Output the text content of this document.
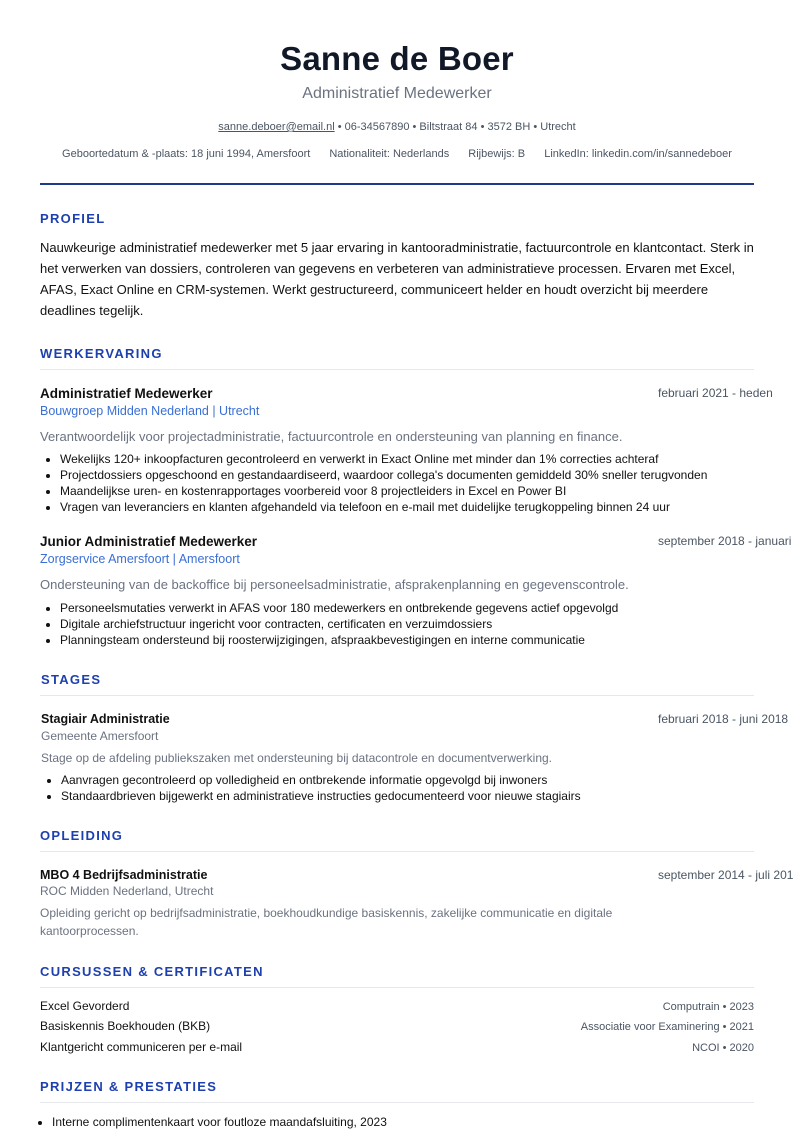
Sanne de Boer
Administratief Medewerker
sanne.deboer@email.nl • 06-34567890 • Biltstraat 84 • 3572 BH • Utrecht
Geboortedatum & -plaats: 18 juni 1994, Amersfoort Nationaliteit: Nederlands Rijbewijs: B LinkedIn: linkedin.com/in/sannedeboer
PROFIEL
Nauwkeurige administratief medewerker met 5 jaar ervaring in kantooradministratie, factuurcontrole en klantcontact. Sterk in het verwerken van dossiers, controleren van gegevens en verbeteren van administratieve processen. Ervaren met Excel, AFAS, Exact Online en CRM-systemen. Werkt gestructureerd, communiceert helder en houdt overzicht bij meerdere deadlines tegelijk.
WERKERVARING
Administratief Medewerker	februari 2021 - heden
Bouwgroep Midden Nederland | Utrecht
Verantwoordelijk voor projectadministratie, factuurcontrole en ondersteuning van planning en finance.
• Wekelijks 120+ inkoopfacturen gecontroleerd en verwerkt in Exact Online met minder dan 1% correcties achteraf
• Projectdossiers opgeschoond en gestandaardiseerd, waardoor collega's documenten gemiddeld 30% sneller terugvonden
• Maandelijkse uren- en kostenrapportages voorbereid voor 8 projectleiders in Excel en Power BI
• Vragen van leveranciers en klanten afgehandeld via telefoon en e-mail met duidelijke terugkoppeling binnen 24 uur
Junior Administratief Medewerker	september 2018 - januari
Zorgservice Amersfoort | Amersfoort
Ondersteuning van de backoffice bij personeelsadministratie, afsprakenplanning en gegevenscontrole.
• Personeelsmutaties verwerkt in AFAS voor 180 medewerkers en ontbrekende gegevens actief opgevolgd
• Digitale archiefstructuur ingericht voor contracten, certificaten en verzuimdossiers
• Planningsteam ondersteund bij roosterwijzigingen, afspraakbevestigingen en interne communicatie
STAGES
Stagiair Administratie	februari 2018 - juni 2018
Gemeente Amersfoort
Stage op de afdeling publiekszaken met ondersteuning bij datacontrole en documentverwerking.
• Aanvragen gecontroleerd op volledigheid en ontbrekende informatie opgevolgd bij inwoners
• Standaardbrieven bijgewerkt en administratieve instructies gedocumenteerd voor nieuwe stagiairs
OPLEIDING
MBO 4 Bedrijfsadministratie	september 2014 - juli 201
ROC Midden Nederland, Utrecht
Opleiding gericht op bedrijfsadministratie, boekhoudkundige basiskennis, zakelijke communicatie en digitale kantoorprocessen.
CURSUSSEN & CERTIFICATEN
Excel Gevorderd	Computrain • 2023
Basiskennis Boekhouden (BKB)	Associatie voor Examinering • 2021
Klantgericht communiceren per e-mail	NCOI • 2020
PRIJZEN & PRESTATIES
• Interne complimentenkaart voor foutloze maandafsluiting, 2023
